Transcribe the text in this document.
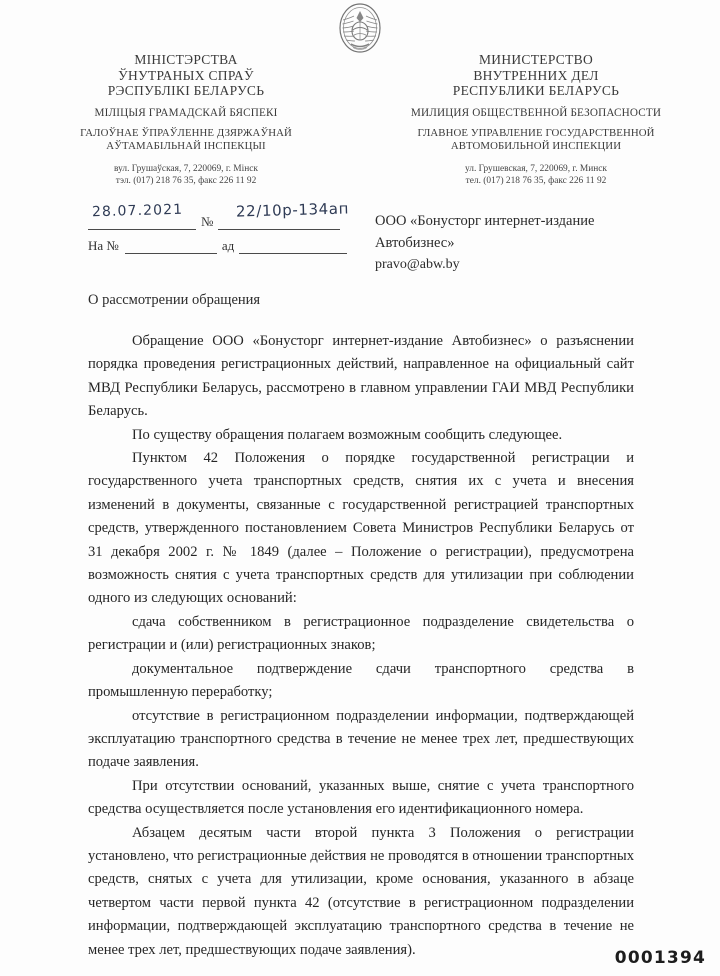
МІНІСТЭРСТВА
ЎНУТРАНЫХ СПРАЎ
РЭСПУБЛІКІ БЕЛАРУСЬ
МІЛІЦЫЯ ГРАМАДСКАЙ БЯСПЕКІ
ГАЛОЎНАЕ ЎПРАЎЛЕННЕ ДЗЯРЖАЎНАЙ
АЎТАМАБІЛЬНАЙ ІНСПЕКЦЫІ
вул. Грушаўская, 7, 220069, г. Мінск
тэл. (017) 218 76 35, факс 226 11 92
МИНИСТЕРСТВО
ВНУТРЕННИХ ДЕЛ
РЕСПУБЛИКИ БЕЛАРУСЬ
МИЛИЦИЯ ОБЩЕСТВЕННОЙ БЕЗОПАСНОСТИ
ГЛАВНОЕ УПРАВЛЕНИЕ ГОСУДАРСТВЕННОЙ
АВТОМОБИЛЬНОЙ ИНСПЕКЦИИ
ул. Грушевская, 7, 220069, г. Минск
тел. (017) 218 76 35, факс 226 11 92
№
28.07.2021	22/10р-134ап
На №	ад
ООО «Бонусторг интернет-издание
Автобизнес»
pravo@abw.by
О рассмотрении обращения

Обращение ООО «Бонусторг интернет-издание Автобизнес» о разъяснении порядка проведения регистрационных действий, направленное на официальный сайт МВД Республики Беларусь, рассмотрено в главном управлении ГАИ МВД Республики Беларусь.

По существу обращения полагаем возможным сообщить следующее.

Пунктом 42 Положения о порядке государственной регистрации и государственного учета транспортных средств, снятия их с учета и внесения изменений в документы, связанные с государственной регистрацией транспортных средств, утвержденного постановлением Совета Министров Республики Беларусь от 31 декабря 2002 г. № 1849 (далее – Положение о регистрации), предусмотрена возможность снятия с учета транспортных средств для утилизации при соблюдении одного из следующих оснований:

сдача собственником в регистрационное подразделение свидетельства о регистрации и (или) регистрационных знаков;

документальное подтверждение сдачи транспортного средства в промышленную переработку;

отсутствие в регистрационном подразделении информации, подтверждающей эксплуатацию транспортного средства в течение не менее трех лет, предшествующих подаче заявления.

При отсутствии оснований, указанных выше, снятие с учета транспортного средства осуществляется после установления его идентификационного номера.

Абзацем десятым части второй пункта 3 Положения о регистрации установлено, что регистрационные действия не проводятся в отношении транспортных средств, снятых с учета для утилизации, кроме основания, указанного в абзаце четвертом части первой пункта 42 (отсутствие в регистрационном подразделении информации, подтверждающей эксплуатацию транспортного средства в течение не менее трех лет, предшествующих подаче заявления).	0001394
